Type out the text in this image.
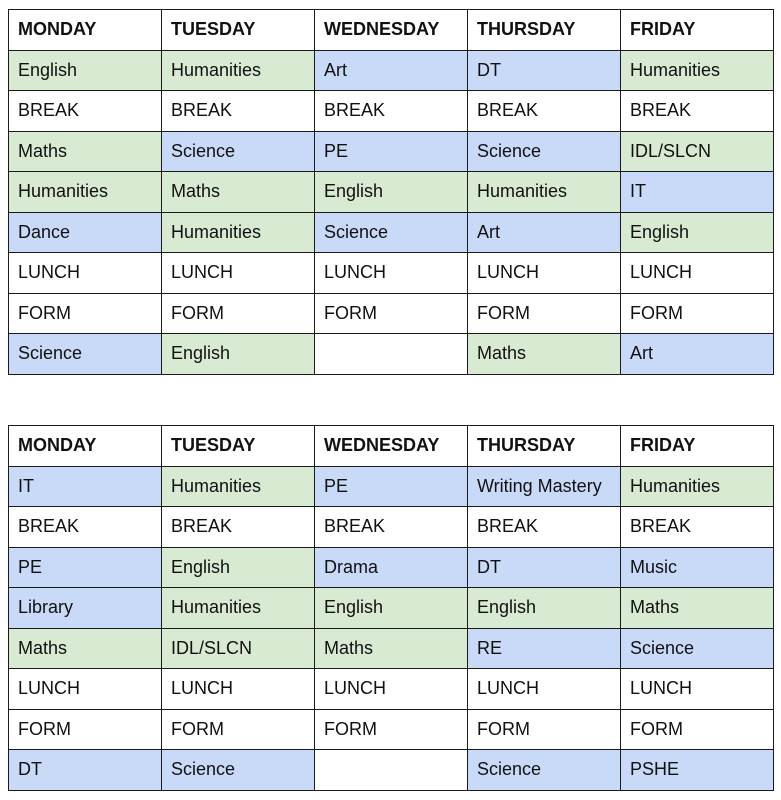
MONDAY	TUESDAY	WEDNESDAY	THURSDAY	FRIDAY
English	Humanities	Art	DT	Humanities
BREAK	BREAK	BREAK	BREAK	BREAK
Maths	Science	PE	Science	IDL/SLCN
Humanities	Maths	English	Humanities	IT
Dance	Humanities	Science	Art	English
LUNCH	LUNCH	LUNCH	LUNCH	LUNCH
FORM	FORM	FORM	FORM	FORM
Science	English		Maths	Art
MONDAY	TUESDAY	WEDNESDAY	THURSDAY	FRIDAY
IT	Humanities	PE	Writing Mastery	Humanities
BREAK	BREAK	BREAK	BREAK	BREAK
PE	English	Drama	DT	Music
Library	Humanities	English	English	Maths
Maths	IDL/SLCN	Maths	RE	Science
LUNCH	LUNCH	LUNCH	LUNCH	LUNCH
FORM	FORM	FORM	FORM	FORM
DT	Science		Science	PSHE
